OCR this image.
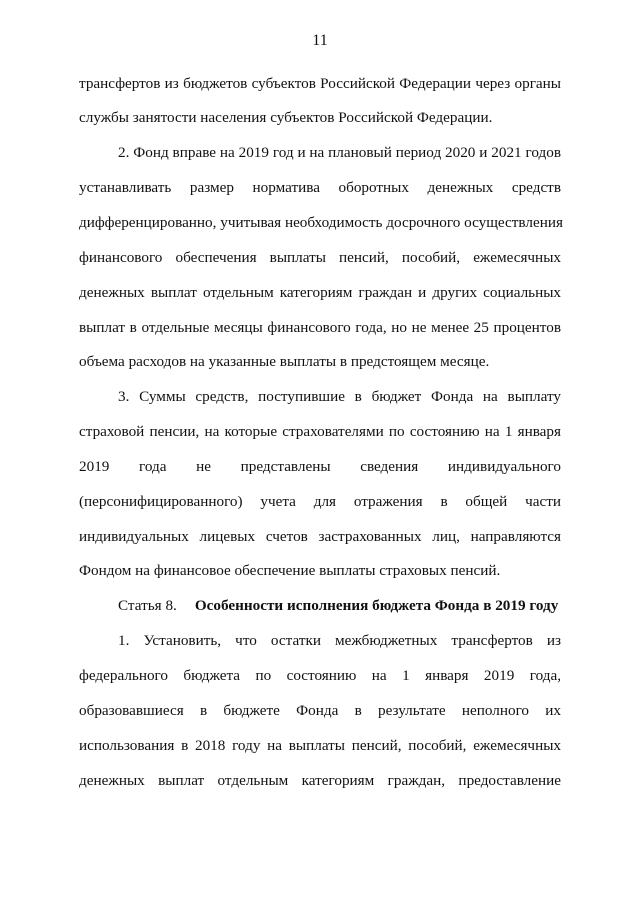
11
трансфертов из бюджетов субъектов Российской Федерации через органы
службы занятости населения субъектов Российской Федерации.
2. Фонд вправе на 2019 год и на плановый период 2020 и 2021 годов
устанавливать размер норматива оборотных денежных средств
дифференцированно, учитывая необходимость досрочного осуществления
финансового обеспечения выплаты пенсий, пособий, ежемесячных
денежных выплат отдельным категориям граждан и других социальных
выплат в отдельные месяцы финансового года, но не менее 25 процентов
объема расходов на указанные выплаты в предстоящем месяце.
3. Суммы средств, поступившие в бюджет Фонда на выплату
страховой пенсии, на которые страхователями по состоянию на 1 января
2019 года не представлены сведения индивидуального
(персонифицированного) учета для отражения в общей части
индивидуальных лицевых счетов застрахованных лиц, направляются
Фондом на финансовое обеспечение выплаты страховых пенсий.
Статья 8. Особенности исполнения бюджета Фонда в 2019 году
1. Установить, что остатки межбюджетных трансфертов из
федерального бюджета по состоянию на 1 января 2019 года,
образовавшиеся в бюджете Фонда в результате неполного их
использования в 2018 году на выплаты пенсий, пособий, ежемесячных
денежных выплат отдельным категориям граждан, предоставление
